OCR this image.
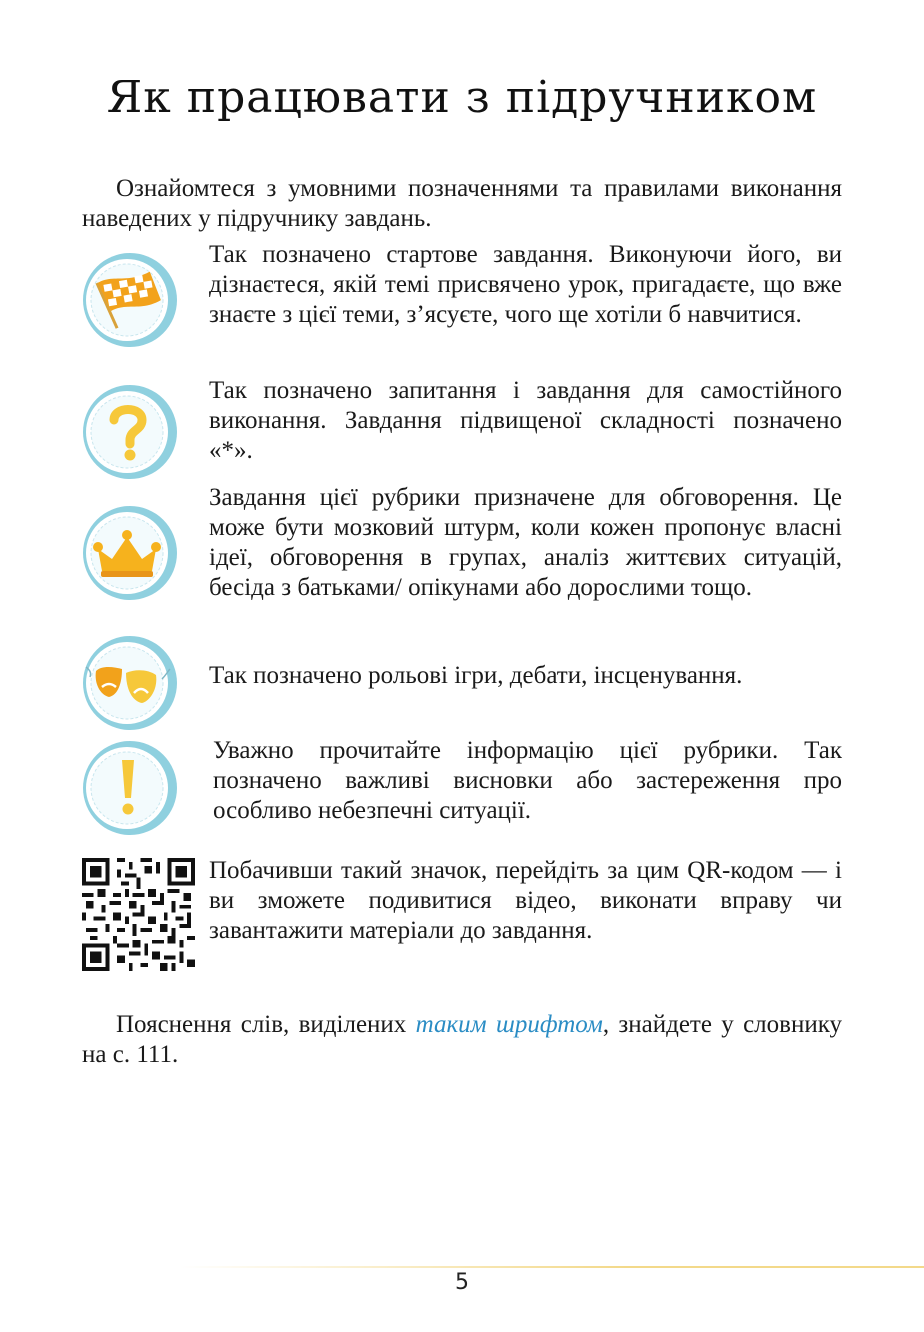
Як працювати з підручником
Ознайомтеся з умовними позначеннями та правилами виконання наведених у підручнику завдань.
Так позначено стартове завдання. Виконуючи його, ви дізнаєтеся, якій темі присвячено урок, пригадаєте, що вже знаєте з цієї теми, з’ясуєте, чого ще хотіли б навчитися.
Так позначено запитання і завдання для самостійного виконання. Завдання підвищеної складності позначено «*».
Завдання цієї рубрики призначене для обговорення. Це може бути мозковий штурм, коли кожен пропонує власні ідеї, обговорення в групах, аналіз життєвих ситуацій, бесіда з батьками/ опікунами або дорослими тощо.
Так позначено рольові ігри, дебати, інсценування.
Уважно прочитайте інформацію цієї рубрики. Так позначено важливі висновки або застереження про особливо небезпечні ситуації.
Побачивши такий значок, перейдіть за цим QR-кодом — і ви зможете подивитися відео, виконати вправу чи завантажити матеріали до завдання.
Пояснення слів, виділених таким шрифтом, знайдете у словнику на с. 111.
5
